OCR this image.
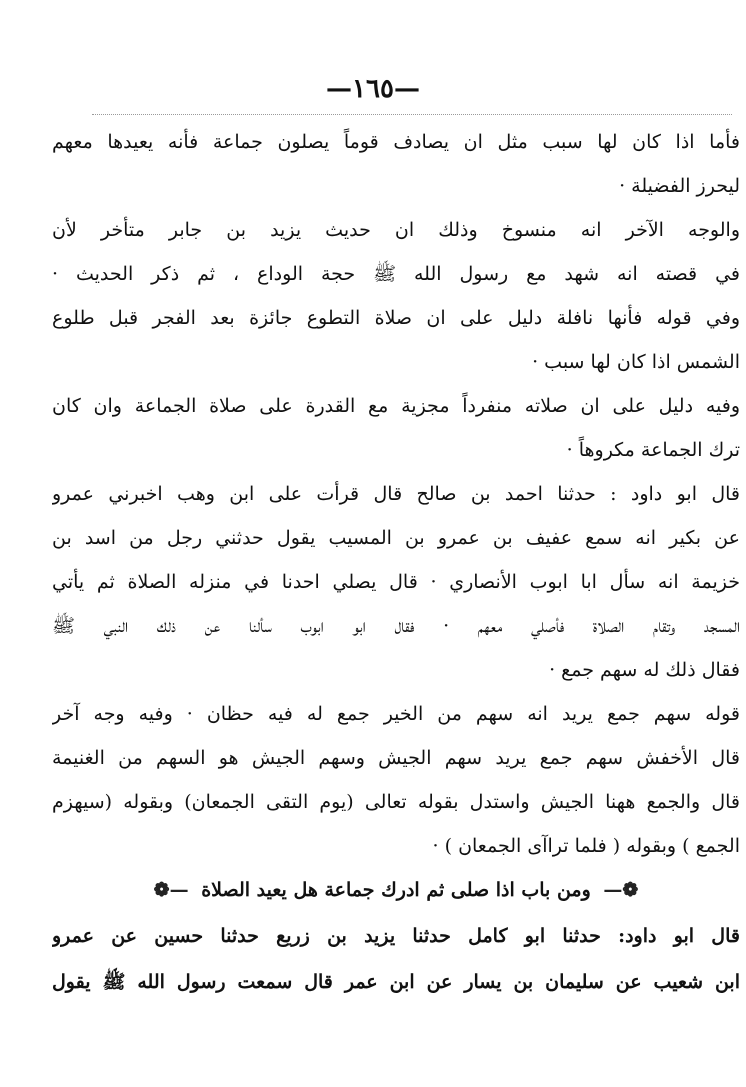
—١٦٥—
فأما اذا كان لها سبب مثل ان يصادف قوماً يصلون جماعة فأنه يعيدها معهم
ليحرز الفضيلة ·
والوجه الآخر انه منسوخ وذلك ان حديث يزيد بن جابر متأخر لأن
في قصته انه شهد مع رسول الله ﷺ حجة الوداع ، ثم ذكر الحديث ·
وفي قوله فأنها نافلة دليل على ان صلاة التطوع جائزة بعد الفجر قبل طلوع
الشمس اذا كان لها سبب ·
وفيه دليل على ان صلاته منفرداً مجزية مع القدرة على صلاة الجماعة وان كان
ترك الجماعة مكروهاً ·
قال ابو داود : حدثنا احمد بن صالح قال قرأت على ابن وهب اخبرني عمرو
عن بكير انه سمع عفيف بن عمرو بن المسيب يقول حدثني رجل من اسد بن
خزيمة انه سأل ابا ابوب الأنصاري · قال يصلي احدنا في منزله الصلاة ثم يأتي
المسجد وتقام الصلاة فأصلي معهم · فقال ابو ابوب سألنا عن ذلك النبي ﷺ
فقال ذلك له سهم جمع ·
قوله سهم جمع يريد انه سهم من الخير جمع له فيه حظان · وفيه وجه آخر
قال الأخفش سهم جمع يريد سهم الجيش وسهم الجيش هو السهم من الغنيمة
قال والجمع ههنا الجيش واستدل بقوله تعالى (يوم التقى الجمعان) وبقوله (سيهزم
الجمع ) وبقوله ( فلما تراآى الجمعان ) ·
❁— ومن باب اذا صلى ثم ادرك جماعة هل يعيد الصلاة —❁
قال ابو داود: حدثنا ابو كامل حدثنا يزيد بن زريع حدثنا حسين عن عمرو
ابن شعيب عن سليمان بن يسار عن ابن عمر قال سمعت رسول الله ﷺ يقول
